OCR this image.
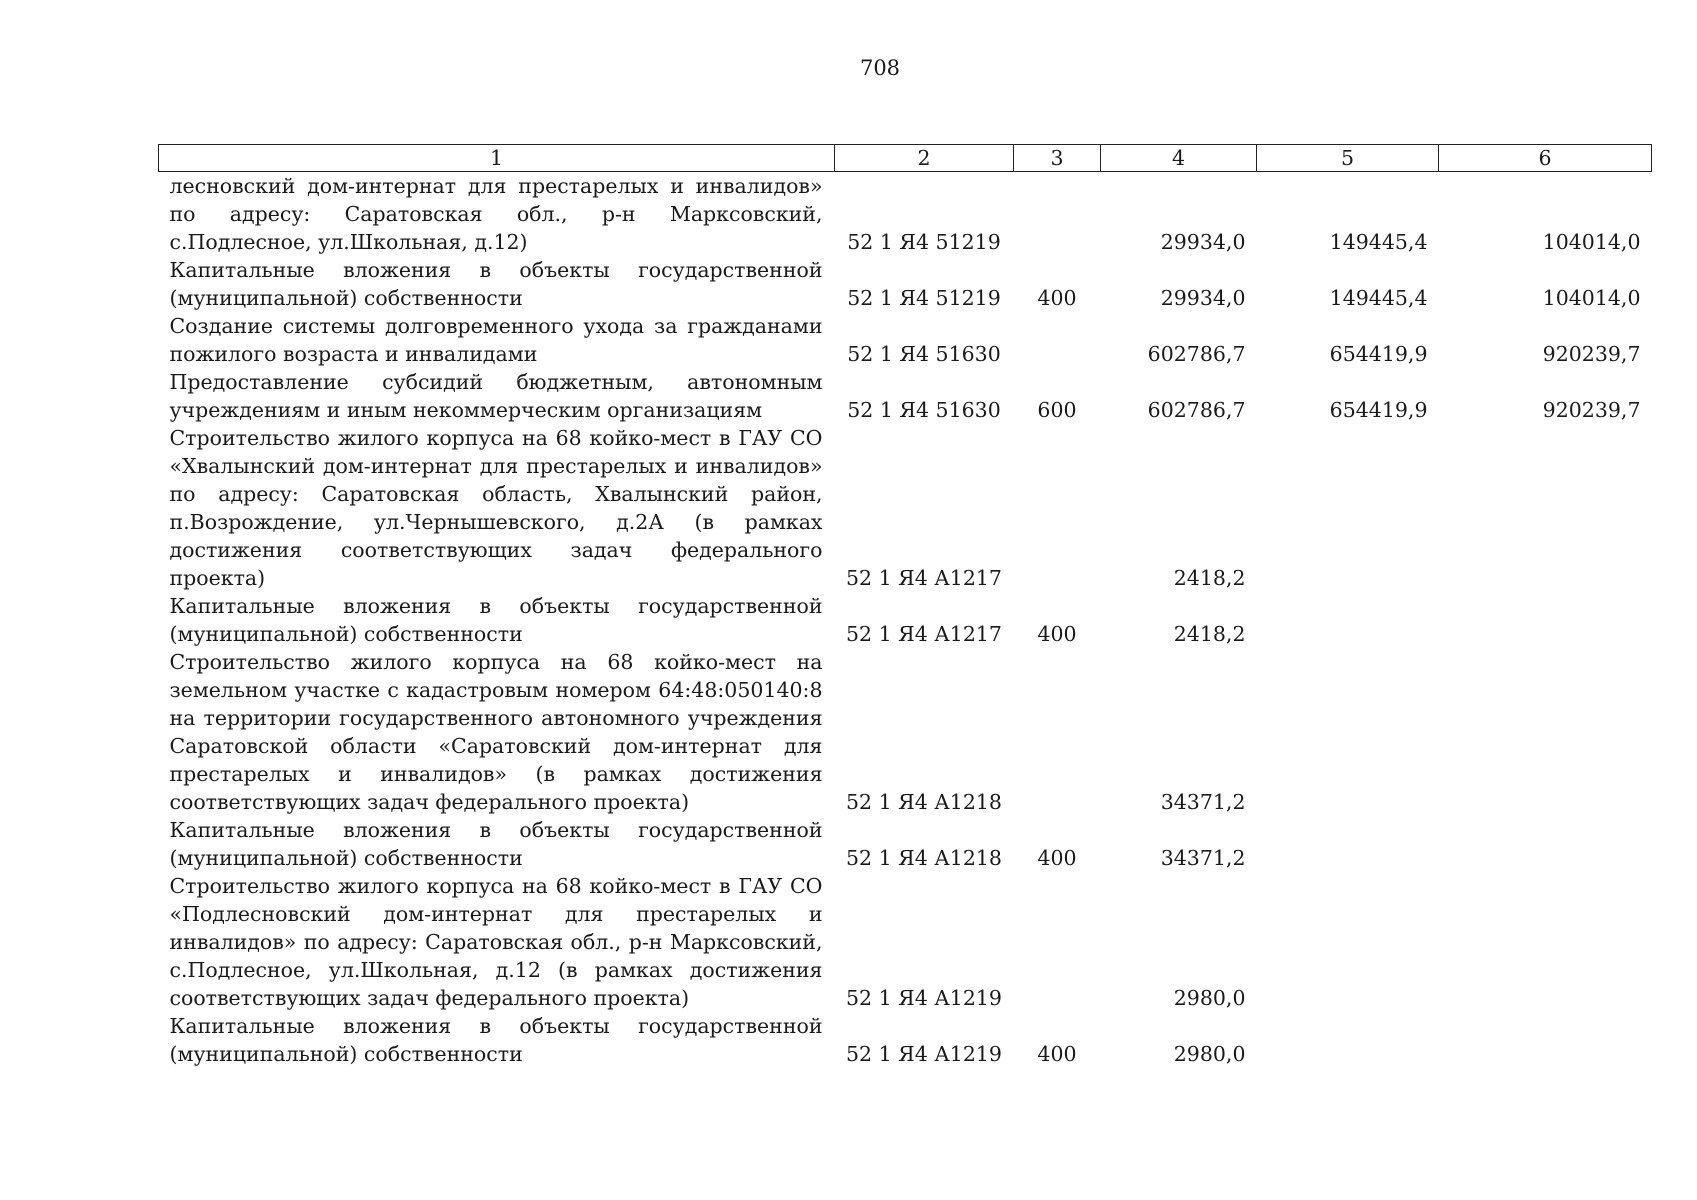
708
1	2	3	4	5	6
лесновский дом-интернат для престарелых и инвалидов» по адресу: Саратовская обл., р-н Марксовский, с.Подлесное, ул.Школьная, д.12)	52 1 Я4 51219		29934,0	149445,4	104014,0
Капитальные вложения в объекты государственной (муниципальной) собственности	52 1 Я4 51219	400	29934,0	149445,4	104014,0
Создание системы долговременного ухода за гражданами пожилого возраста и инвалидами	52 1 Я4 51630		602786,7	654419,9	920239,7
Предоставление субсидий бюджетным, автономным учреждениям и иным некоммерческим организациям	52 1 Я4 51630	600	602786,7	654419,9	920239,7
Строительство жилого корпуса на 68 койко-мест в ГАУ СО «Хвалынский дом-интернат для престарелых и инвалидов» по адресу: Саратовская область, Хвалынский район, п.Возрождение, ул.Чернышевского, д.2А (в рамках достижения соответствующих задач федерального проекта)	52 1 Я4 А1217		2418,2		
Капитальные вложения в объекты государственной (муниципальной) собственности	52 1 Я4 А1217	400	2418,2		
Строительство жилого корпуса на 68 койко-мест на земельном участке с кадастровым номером 64:48:050140:8 на территории государственного автономного учреждения Саратовской области «Саратовский дом-интернат для престарелых и инвалидов» (в рамках достижения соответствующих задач федерального проекта)	52 1 Я4 А1218		34371,2		
Капитальные вложения в объекты государственной (муниципальной) собственности	52 1 Я4 А1218	400	34371,2		
Строительство жилого корпуса на 68 койко-мест в ГАУ СО «Подлесновский дом-интернат для престарелых и инвалидов» по адресу: Саратовская обл., р-н Марксовский, с.Подлесное, ул.Школьная, д.12 (в рамках достижения соответствующих задач федерального проекта)	52 1 Я4 А1219		2980,0		
Капитальные вложения в объекты государственной (муниципальной) собственности	52 1 Я4 А1219	400	2980,0		
